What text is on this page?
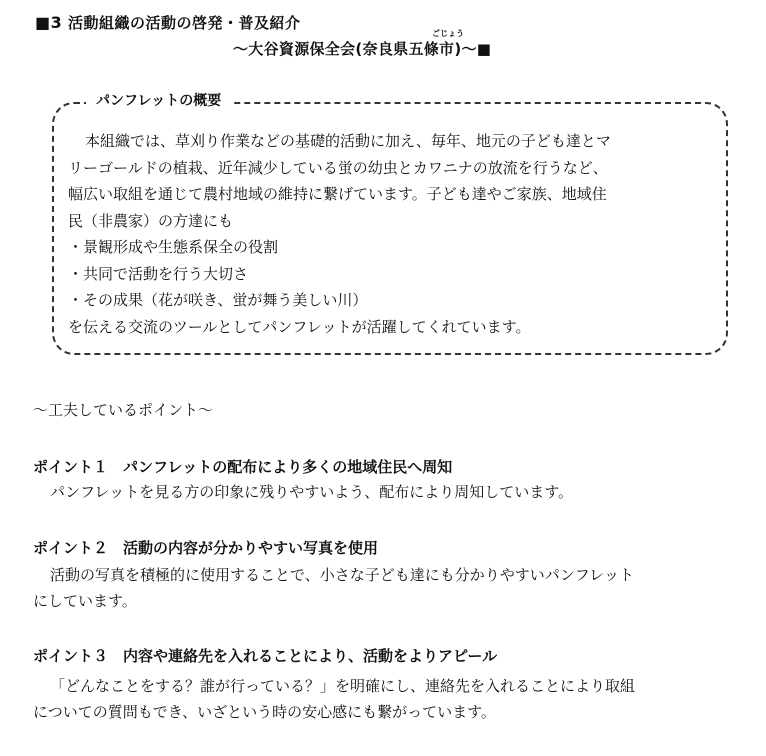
■3 活動組織の活動の啓発・普及紹介
ごじょう
～大谷資源保全会(奈良県五條市)～■
パンフレットの概要
本組織では、草刈り作業などの基礎的活動に加え、毎年、地元の子ども達とマ
リーゴールドの植栽、近年減少している蛍の幼虫とカワニナの放流を行うなど、
幅広い取組を通じて農村地域の維持に繋げています。子ども達やご家族、地域住
民（非農家）の方達にも
・景観形成や生態系保全の役割
・共同で活動を行う大切さ
・その成果（花が咲き、蛍が舞う美しい川）
を伝える交流のツールとしてパンフレットが活躍してくれています。
～工夫しているポイント～
ポイント１　パンフレットの配布により多くの地域住民へ周知
パンフレットを見る方の印象に残りやすいよう、配布により周知しています。
ポイント２　活動の内容が分かりやすい写真を使用
活動の写真を積極的に使用することで、小さな子ども達にも分かりやすいパンフレット
にしています。
ポイント３　内容や連絡先を入れることにより、活動をよりアピール
「どんなことをする？誰が行っている？」を明確にし、連絡先を入れることにより取組
についての質問もでき、いざという時の安心感にも繋がっています。
